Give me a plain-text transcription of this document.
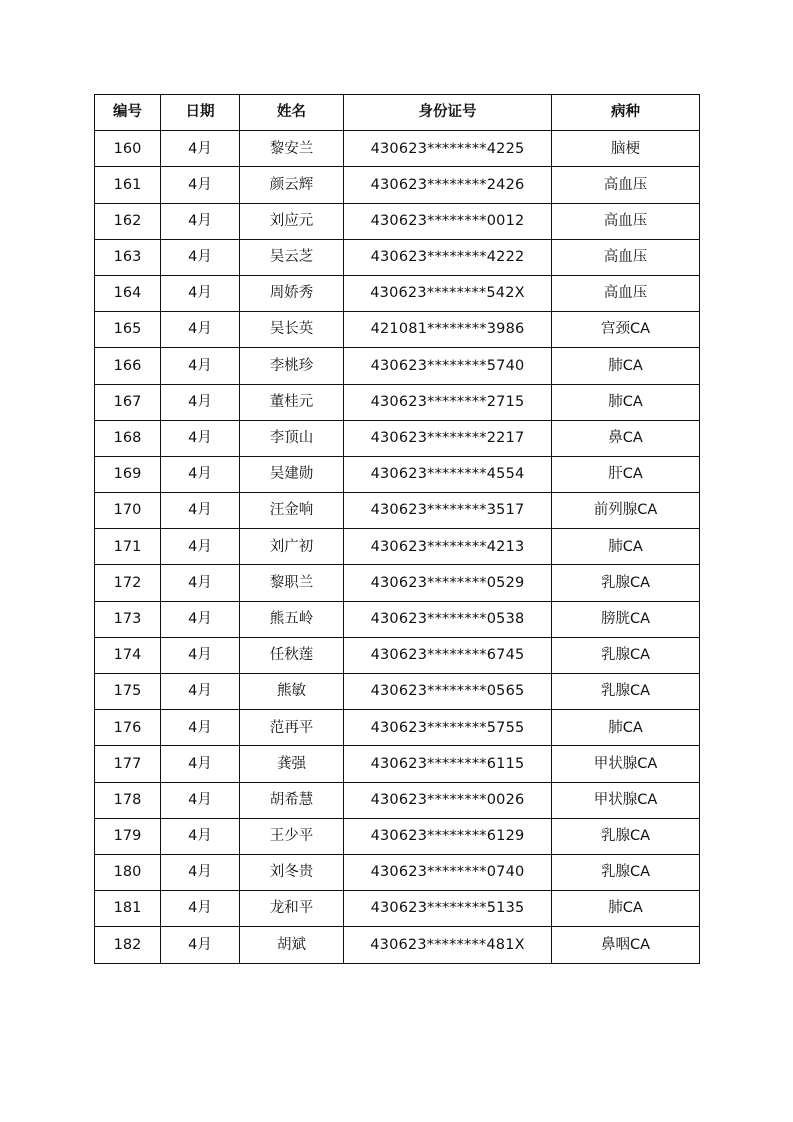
编号	日期	姓名	身份证号	病种
160	4月	黎安兰	430623********4225	脑梗
161	4月	颜云辉	430623********2426	高血压
162	4月	刘应元	430623********0012	高血压
163	4月	吴云芝	430623********4222	高血压
164	4月	周娇秀	430623********542X	高血压
165	4月	吴长英	421081********3986	宫颈CA
166	4月	李桃珍	430623********5740	肺CA
167	4月	董桂元	430623********2715	肺CA
168	4月	李顶山	430623********2217	鼻CA
169	4月	吴建勋	430623********4554	肝CA
170	4月	汪金响	430623********3517	前列腺CA
171	4月	刘广初	430623********4213	肺CA
172	4月	黎职兰	430623********0529	乳腺CA
173	4月	熊五岭	430623********0538	膀胱CA
174	4月	任秋莲	430623********6745	乳腺CA
175	4月	熊敏	430623********0565	乳腺CA
176	4月	范再平	430623********5755	肺CA
177	4月	龚强	430623********6115	甲状腺CA
178	4月	胡希慧	430623********0026	甲状腺CA
179	4月	王少平	430623********6129	乳腺CA
180	4月	刘冬贵	430623********0740	乳腺CA
181	4月	龙和平	430623********5135	肺CA
182	4月	胡斌	430623********481X	鼻咽CA
